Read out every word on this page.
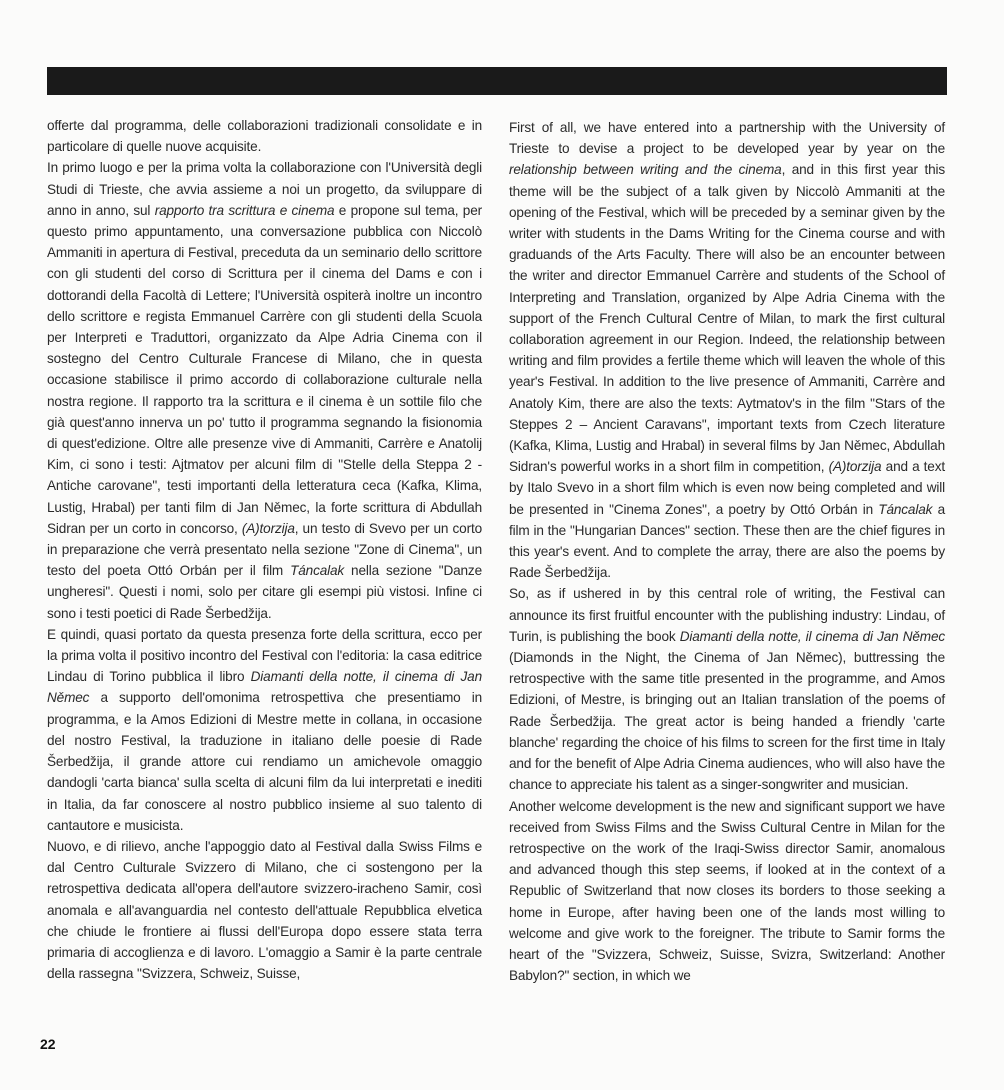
offerte dal programma, delle collaborazioni tradizionali consolidate e in particolare di quelle nuove acquisite.

In primo luogo e per la prima volta la collaborazione con l'Università degli Studi di Trieste, che avvia assieme a noi un progetto, da sviluppare di anno in anno, sul rapporto tra scrittura e cinema e propone sul tema, per questo primo appuntamento, una conversazione pubblica con Niccolò Ammaniti in apertura di Festival, preceduta da un seminario dello scrittore con gli studenti del corso di Scrittura per il cinema del Dams e con i dottorandi della Facoltà di Lettere; l'Università ospiterà inoltre un incontro dello scrittore e regista Emmanuel Carrère con gli studenti della Scuola per Interpreti e Traduttori, organizzato da Alpe Adria Cinema con il sostegno del Centro Culturale Francese di Milano, che in questa occasione stabilisce il primo accordo di collaborazione culturale nella nostra regione. Il rapporto tra la scrittura e il cinema è un sottile filo che già quest'anno innerva un po' tutto il programma segnando la fisionomia di quest'edizione. Oltre alle presenze vive di Ammaniti, Carrère e Anatolij Kim, ci sono i testi: Ajtmatov per alcuni film di "Stelle della Steppa 2 - Antiche carovane", testi importanti della letteratura ceca (Kafka, Klima, Lustig, Hrabal) per tanti film di Jan Němec, la forte scrittura di Abdullah Sidran per un corto in concorso, (A)torzija, un testo di Svevo per un corto in preparazione che verrà presentato nella sezione "Zone di Cinema", un testo del poeta Ottó Orbán per il film Táncalak nella sezione "Danze ungheresi". Questi i nomi, solo per citare gli esempi più vistosi. Infine ci sono i testi poetici di Rade Šerbedžija.

E quindi, quasi portato da questa presenza forte della scrittura, ecco per la prima volta il positivo incontro del Festival con l'editoria: la casa editrice Lindau di Torino pubblica il libro Diamanti della notte, il cinema di Jan Němec a supporto dell'omonima retrospettiva che presentiamo in programma, e la Amos Edizioni di Mestre mette in collana, in occasione del nostro Festival, la traduzione in italiano delle poesie di Rade Šerbedžija, il grande attore cui rendiamo un amichevole omaggio dandogli 'carta bianca' sulla scelta di alcuni film da lui interpretati e inediti in Italia, da far conoscere al nostro pubblico insieme al suo talento di cantautore e musicista.

Nuovo, e di rilievo, anche l'appoggio dato al Festival dalla Swiss Films e dal Centro Culturale Svizzero di Milano, che ci sostengono per la retrospettiva dedicata all'opera dell'autore svizzero-iracheno Samir, così anomala e all'avanguardia nel contesto dell'attuale Repubblica elvetica che chiude le frontiere ai flussi dell'Europa dopo essere stata terra primaria di accoglienza e di lavoro. L'omaggio a Samir è la parte centrale della rassegna "Svizzera, Schweiz, Suisse,

First of all, we have entered into a partnership with the University of Trieste to devise a project to be developed year by year on the relationship between writing and the cinema, and in this first year this theme will be the subject of a talk given by Niccolò Ammaniti at the opening of the Festival, which will be preceded by a seminar given by the writer with students in the Dams Writing for the Cinema course and with graduands of the Arts Faculty. There will also be an encounter between the writer and director Emmanuel Carrère and students of the School of Interpreting and Translation, organized by Alpe Adria Cinema with the support of the French Cultural Centre of Milan, to mark the first cultural collaboration agreement in our Region. Indeed, the relationship between writing and film provides a fertile theme which will leaven the whole of this year's Festival. In addition to the live presence of Ammaniti, Carrère and Anatoly Kim, there are also the texts: Aytmatov's in the film "Stars of the Steppes 2 – Ancient Caravans", important texts from Czech literature (Kafka, Klima, Lustig and Hrabal) in several films by Jan Němec, Abdullah Sidran's powerful works in a short film in competition, (A)torzija and a text by Italo Svevo in a short film which is even now being completed and will be presented in "Cinema Zones", a poetry by Ottó Orbán in Táncalak a film in the "Hungarian Dances" section. These then are the chief figures in this year's event. And to complete the array, there are also the poems by Rade Šerbedžija.

So, as if ushered in by this central role of writing, the Festival can announce its first fruitful encounter with the publishing industry: Lindau, of Turin, is publishing the book Diamanti della notte, il cinema di Jan Němec (Diamonds in the Night, the Cinema of Jan Němec), buttressing the retrospective with the same title presented in the programme, and Amos Edizioni, of Mestre, is bringing out an Italian translation of the poems of Rade Šerbedžija. The great actor is being handed a friendly 'carte blanche' regarding the choice of his films to screen for the first time in Italy and for the benefit of Alpe Adria Cinema audiences, who will also have the chance to appreciate his talent as a singer-songwriter and musician.

Another welcome development is the new and significant support we have received from Swiss Films and the Swiss Cultural Centre in Milan for the retrospective on the work of the Iraqi-Swiss director Samir, anomalous and advanced though this step seems, if looked at in the context of a Republic of Switzerland that now closes its borders to those seeking a home in Europe, after having been one of the lands most willing to welcome and give work to the foreigner. The tribute to Samir forms the heart of the "Svizzera, Schweiz, Suisse, Svizra, Switzerland: Another Babylon?" section, in which we

22
